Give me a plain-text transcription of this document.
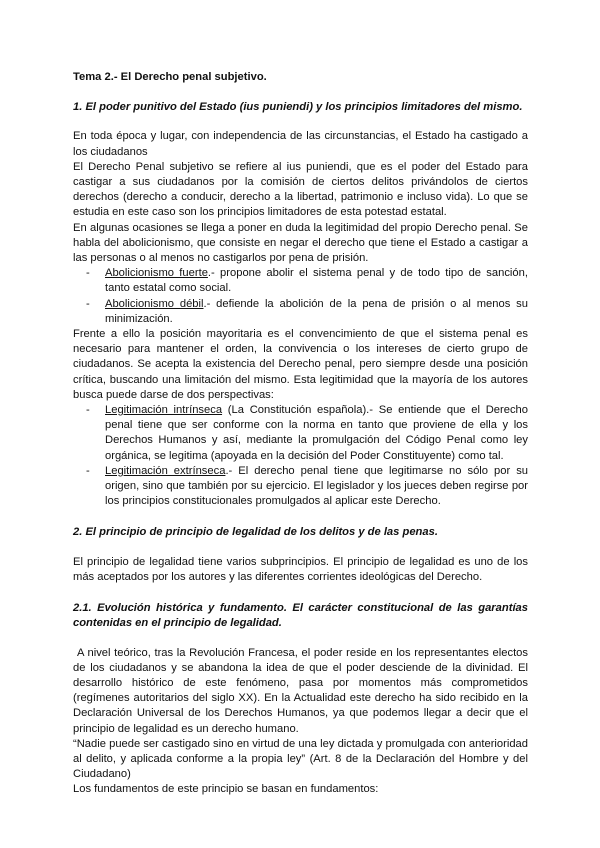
Tema 2.- El Derecho penal subjetivo.
1. El poder punitivo del Estado (ius puniendi) y los principios limitadores del mismo.

En toda época y lugar, con independencia de las circunstancias, el Estado ha castigado a los ciudadanos

El Derecho Penal subjetivo se refiere al ius puniendi, que es el poder del Estado para castigar a sus ciudadanos por la comisión de ciertos delitos privándolos de ciertos derechos (derecho a conducir, derecho a la libertad, patrimonio e incluso vida). Lo que se estudia en este caso son los principios limitadores de esta potestad estatal.

En algunas ocasiones se llega a poner en duda la legitimidad del propio Derecho penal. Se habla del abolicionismo, que consiste en negar el derecho que tiene el Estado a castigar a las personas o al menos no castigarlos por pena de prisión.

- Abolicionismo fuerte.- propone abolir el sistema penal y de todo tipo de sanción, tanto estatal como social.
- Abolicionismo débil.- defiende la abolición de la pena de prisión o al menos su minimización.

Frente a ello la posición mayoritaria es el convencimiento de que el sistema penal es necesario para mantener el orden, la convivencia o los intereses de cierto grupo de ciudadanos. Se acepta la existencia del Derecho penal, pero siempre desde una posición crítica, buscando una limitación del mismo. Esta legitimidad que la mayoría de los autores busca puede darse de dos perspectivas:

- Legitimación intrínseca (La Constitución española).- Se entiende que el Derecho penal tiene que ser conforme con la norma en tanto que proviene de ella y los Derechos Humanos y así, mediante la promulgación del Código Penal como ley orgánica, se legitima (apoyada en la decisión del Poder Constituyente) como tal.
- Legitimación extrínseca.- El derecho penal tiene que legitimarse no sólo por su origen, sino que también por su ejercicio. El legislador y los jueces deben regirse por los principios constitucionales promulgados al aplicar este Derecho.
2. El principio de principio de legalidad de los delitos y de las penas.

El principio de legalidad tiene varios subprincipios. El principio de legalidad es uno de los más aceptados por los autores y las diferentes corrientes ideológicas del Derecho.

2.1. Evolución histórica y fundamento. El carácter constitucional de las garantías contenidas en el principio de legalidad.

A nivel teórico, tras la Revolución Francesa, el poder reside en los representantes electos de los ciudadanos y se abandona la idea de que el poder desciende de la divinidad. El desarrollo histórico de este fenómeno, pasa por momentos más comprometidos (regímenes autoritarios del siglo XX). En la Actualidad este derecho ha sido recibido en la Declaración Universal de los Derechos Humanos, ya que podemos llegar a decir que el principio de legalidad es un derecho humano.

“Nadie puede ser castigado sino en virtud de una ley dictada y promulgada con anterioridad al delito, y aplicada conforme a la propia ley” (Art. 8 de la Declaración del Hombre y del Ciudadano)

Los fundamentos de este principio se basan en fundamentos:
